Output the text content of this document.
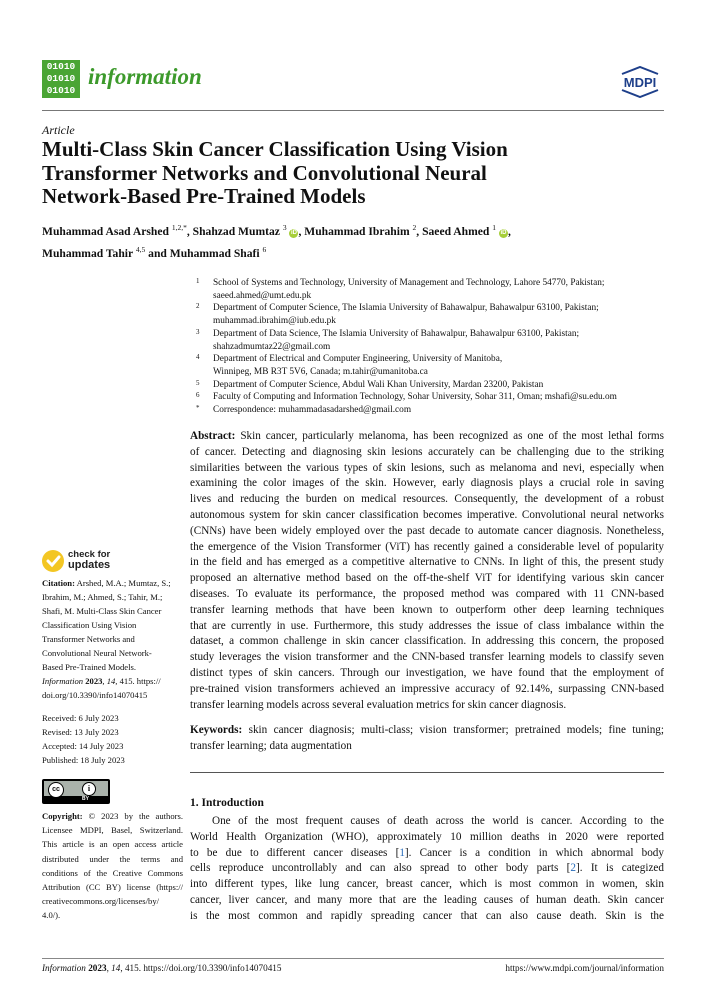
01010
01010
01010
information	MDPI
Article
Multi-Class Skin Cancer Classification Using Vision
Transformer Networks and Convolutional Neural
Network-Based Pre-Trained Models
Muhammad Asad Arshed $^{1,2,*}$, Shahzad Mumtaz $^3$ iD , Muhammad Ibrahim $^2$, Saeed Ahmed $^1$ iD ,
Muhammad Tahir $^{4,5}$ and Muhammad Shafi $^6$
1 School of Systems and Technology, University of Management and Technology, Lahore 54770, Pakistan;
saeed.ahmed@umt.edu.pk
2 Department of Computer Science, The Islamia University of Bahawalpur, Bahawalpur 63100, Pakistan;
muhammad.ibrahim@iub.edu.pk
3 Department of Data Science, The Islamia University of Bahawalpur, Bahawalpur 63100, Pakistan;
shahzadmumtaz22@gmail.com
4 Department of Electrical and Computer Engineering, University of Manitoba,
Winnipeg, MB R3T 5V6, Canada; m.tahir@umanitoba.ca
5 Department of Computer Science, Abdul Wali Khan University, Mardan 23200, Pakistan
6 Faculty of Computing and Information Technology, Sohar University, Sohar 311, Oman; mshafi@su.edu.om
* Correspondence: muhammadasadarshed@gmail.com
Abstract: Skin cancer, particularly melanoma, has been recognized as one of the most lethal forms
of cancer. Detecting and diagnosing skin lesions accurately can be challenging due to the striking
similarities between the various types of skin lesions, such as melanoma and nevi, especially when
examining the color images of the skin. However, early diagnosis plays a crucial role in saving
lives and reducing the burden on medical resources. Consequently, the development of a robust
autonomous system for skin cancer classification becomes imperative. Convolutional neural networks
(CNNs) have been widely employed over the past decade to automate cancer diagnosis. Nonetheless,
the emergence of the Vision Transformer (ViT) has recently gained a considerable level of popularity
in the field and has emerged as a competitive alternative to CNNs. In light of this, the present study
proposed an alternative method based on the off-the-shelf ViT for identifying various skin cancer
diseases. To evaluate its performance, the proposed method was compared with 11 CNN-based
transfer learning methods that have been known to outperform other deep learning techniques
that are currently in use. Furthermore, this study addresses the issue of class imbalance within the
dataset, a common challenge in skin cancer classification. In addressing this concern, the proposed
study leverages the vision transformer and the CNN-based transfer learning models to classify seven
distinct types of skin cancers. Through our investigation, we have found that the employment of
pre-trained vision transformers achieved an impressive accuracy of 92.14%, surpassing CNN-based
transfer learning models across several evaluation metrics for skin cancer diagnosis.
Keywords: skin cancer diagnosis; multi-class; vision transformer; pretrained models; fine tuning;
transfer learning; data augmentation
1. Introduction
One of the most frequent causes of death across the world is cancer. According to the
World Health Organization (WHO), approximately 10 million deaths in 2020 were reported
to be due to different cancer diseases [1]. Cancer is a condition in which abnormal body
cells reproduce uncontrollably and can also spread to other body parts [2]. It is categized
into different types, like lung cancer, breast cancer, which is most common in women, skin
cancer, liver cancer, and many more that are the leading causes of human death. Skin cancer
is the most common and rapidly spreading cancer that can also cause death. Skin is the
check for
updates
Citation: Arshed, M.A.; Mumtaz, S.;
Ibrahim, M.; Ahmed, S.; Tahir, M.;
Shafi, M. Multi-Class Skin Cancer
Classification Using Vision
Transformer Networks and
Convolutional Neural Network-
Based Pre-Trained Models.
Information 2023, 14, 415. https://
doi.org/10.3390/info14070415
Received: 6 July 2023
Revised: 13 July 2023
Accepted: 14 July 2023
Published: 18 July 2023
cc	i
BY
Copyright: © 2023 by the authors.
Licensee MDPI, Basel, Switzerland.
This article is an open access article
distributed under the terms and
conditions of the Creative Commons
Attribution (CC BY) license (https://
creativecommons.org/licenses/by/
4.0/).
Information 2023, 14, 415. https://doi.org/10.3390/info14070415	https://www.mdpi.com/journal/information
